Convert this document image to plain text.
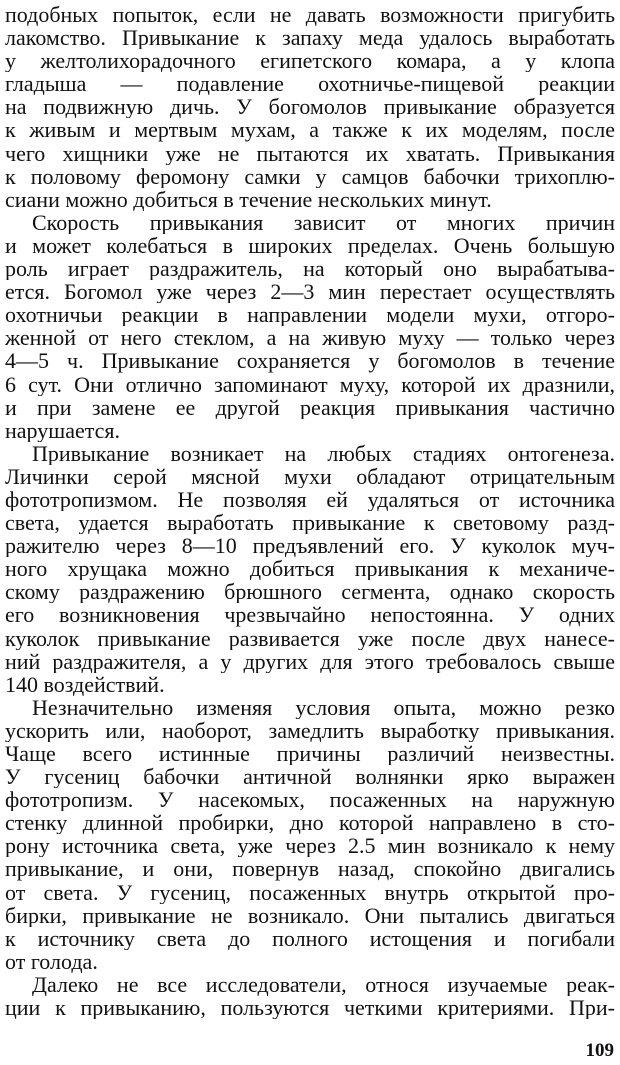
подобных попыток, если не давать возможности пригубить
лакомство. Привыкание к запаху меда удалось выработать
у желтолихорадочного египетского комара, а у клопа
гладыша — подавление охотничье-пищевой реакции
на подвижную дичь. У богомолов привыкание образуется
к живым и мертвым мухам, а также к их моделям, после
чего хищники уже не пытаются их хватать. Привыкания
к половому феромону самки у самцов бабочки трихоплю-
сиани можно добиться в течение нескольких минут.
Скорость привыкания зависит от многих причин
и может колебаться в широких пределах. Очень большую
роль играет раздражитель, на который оно вырабатыва-
ется. Богомол уже через 2—3 мин перестает осуществлять
охотничьи реакции в направлении модели мухи, отгоро-
женной от него стеклом, а на живую муху — только через
4—5 ч. Привыкание сохраняется у богомолов в течение
6 сут. Они отлично запоминают муху, которой их дразнили,
и при замене ее другой реакция привыкания частично
нарушается.
Привыкание возникает на любых стадиях онтогенеза.
Личинки серой мясной мухи обладают отрицательным
фототропизмом. Не позволяя ей удаляться от источника
света, удается выработать привыкание к световому разд-
ражителю через 8—10 предъявлений его. У куколок муч-
ного хрущака можно добиться привыкания к механиче-
скому раздражению брюшного сегмента, однако скорость
его возникновения чрезвычайно непостоянна. У одних
куколок привыкание развивается уже после двух нанесе-
ний раздражителя, а у других для этого требовалось свыше
140 воздействий.
Незначительно изменяя условия опыта, можно резко
ускорить или, наоборот, замедлить выработку привыкания.
Чаще всего истинные причины различий неизвестны.
У гусениц бабочки античной волнянки ярко выражен
фототропизм. У насекомых, посаженных на наружную
стенку длинной пробирки, дно которой направлено в сто-
рону источника света, уже через 2.5 мин возникало к нему
привыкание, и они, повернув назад, спокойно двигались
от света. У гусениц, посаженных внутрь открытой про-
бирки, привыкание не возникало. Они пытались двигаться
к источнику света до полного истощения и погибали
от голода.
Далеко не все исследователи, относя изучаемые реак-
ции к привыканию, пользуются четкими критериями. При-
109
